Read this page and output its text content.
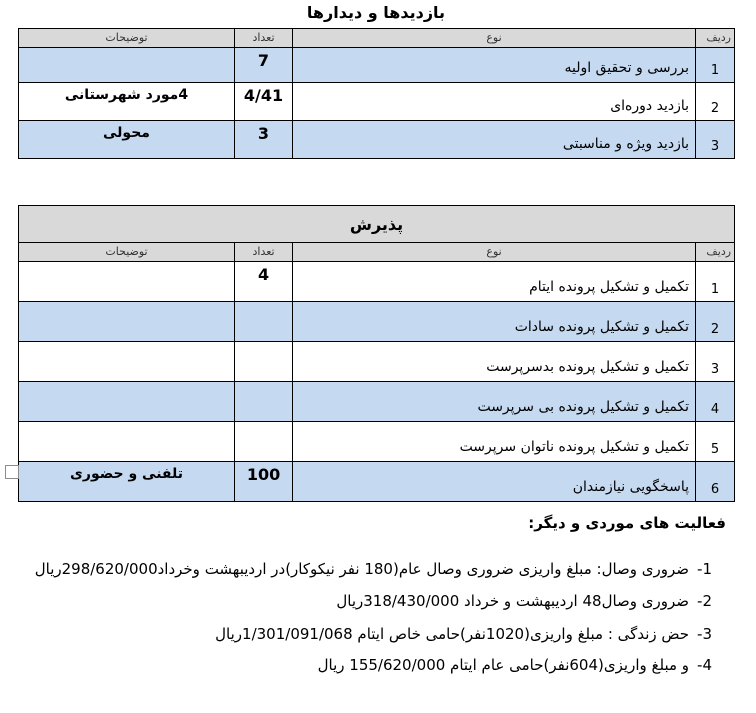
بازدیدها و دیدارها
ردیف	نوع	تعداد	توضیحات
1	بررسی و تحقیق اولیه	7	
2	بازدید دوره‌ای	4/41	4مورد شهرستانی
3	بازدید ویژه و مناسبتی	3	محولی
پذیرش			
ردیف	نوع	تعداد	توضیحات
1	تکمیل و تشکیل پرونده ایتام	4	
2	تکمیل و تشکیل پرونده سادات		
3	تکمیل و تشکیل پرونده بدسرپرست		
4	تکمیل و تشکیل پرونده بی سرپرست		
5	تکمیل و تشکیل پرونده ناتوان سرپرست		
6	پاسخگویی نیازمندان	100	تلفنی و حضوری
فعالیت های موردی و دیگر:
1-ضروری وصال: مبلغ واریزی ضروری وصال عام(180 نفر نیکوکار)در اردیبهشت وخرداد298/620/000ریال
2-ضروری وصال48 اردیبهشت و خرداد 318/430/000ریال
3-حض زندگی : مبلغ واریزی(1020نفر)حامی خاص ایتام 1/301/091/068ریال
4-و مبلغ واریزی(604نفر)حامی عام ایتام 155/620/000 ریال
